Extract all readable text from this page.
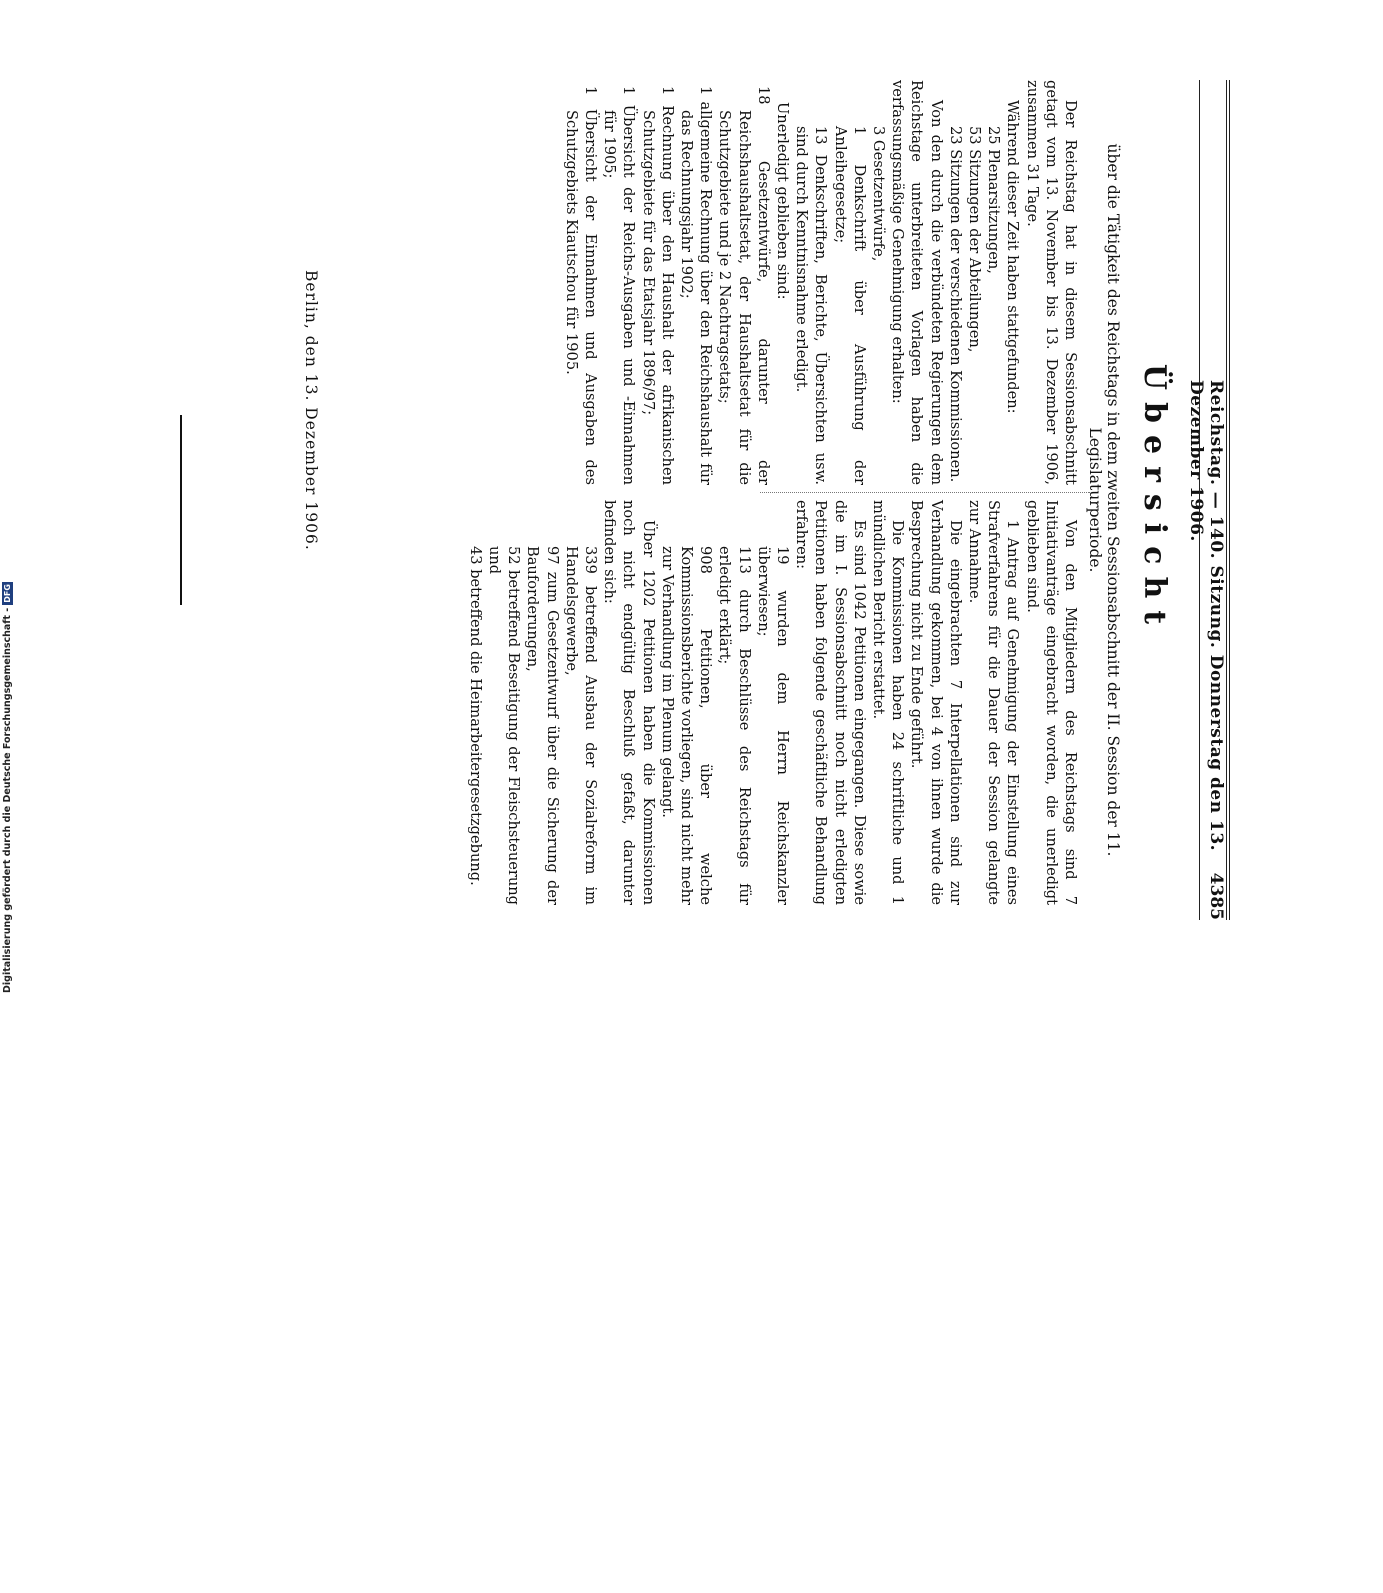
Reichstag. — 140. Sitzung. Donnerstag den 13. Dezember 1906.
4385
Übersicht
über die Tätigkeit des Reichstags in dem zweiten Sessionsabschnitt der II. Session der 11. Legislaturperiode.

Der Reichstag hat in diesem Sessionsabschnitt getagt vom 13. November bis 13. Dezember 1906, zusammen 31 Tage.

Während dieser Zeit haben stattgefunden:

25 Plenarsitzungen,

53 Sitzungen der Abteilungen,

23 Sitzungen der verschiedenen Kommissionen.

Von den durch die verbündeten Regierungen dem Reichstage unterbreiteten Vorlagen haben die verfassungsmäßige Genehmigung erhalten:

3 Gesetzentwürfe,

1 Denkschrift über Ausführung der Anleihegesetze;

13 Denkschriften, Berichte, Übersichten usw. sind durch Kenntnisnahme erledigt.

Unerledigt geblieben sind:

18 Gesetzentwürfe, darunter der Reichshaushaltsetat, der Haushaltsetat für die Schutzgebiete und je 2 Nachtragsetats;

1 allgemeine Rechnung über den Reichshaushalt für das Rechnungsjahr 1902;

1 Rechnung über den Haushalt der afrikanischen Schutzgebiete für das Etatsjahr 1896/97;

1 Übersicht der Reichs-Ausgaben und -Einnahmen für 1905;

1 Übersicht der Einnahmen und Ausgaben des Schutzgebiets Kiautschou für 1905.

Von den Mitgliedern des Reichstags sind 7 Initiativanträge eingebracht worden, die unerledigt geblieben sind.

1 Antrag auf Genehmigung der Einstellung eines Strafverfahrens für die Dauer der Session gelangte zur Annahme.

Die eingebrachten 7 Interpellationen sind zur Verhandlung gekommen, bei 4 von ihnen wurde die Besprechung nicht zu Ende geführt.

Die Kommissionen haben 24 schriftliche und 1 mündlichen Bericht erstattet.

Es sind 1042 Petitionen eingegangen. Diese sowie die im I. Sessionsabschnitt noch nicht erledigten Petitionen haben folgende geschäftliche Behandlung erfahren:

19 wurden dem Herrn Reichskanzler überwiesen;

113 durch Beschlüsse des Reichstags für erledigt erklärt;

908 Petitionen, über welche Kommissionsberichte vorliegen, sind nicht mehr zur Verhandlung im Plenum gelangt.

Über 1202 Petitionen haben die Kommissionen noch nicht endgültig Beschluß gefaßt, darunter befinden sich:

339 betreffend Ausbau der Sozialreform im Handelsgewerbe,

97 zum Gesetzentwurf über die Sicherung der Bauforderungen,

52 betreffend Beseitigung der Fleischsteuerung und

43 betreffend die Heimarbeitergesetzgebung.

Berlin, den 13. Dezember 1906.
Digitalisierung gefördert durch die Deutsche Forschungsgemeinschaft -DFG
